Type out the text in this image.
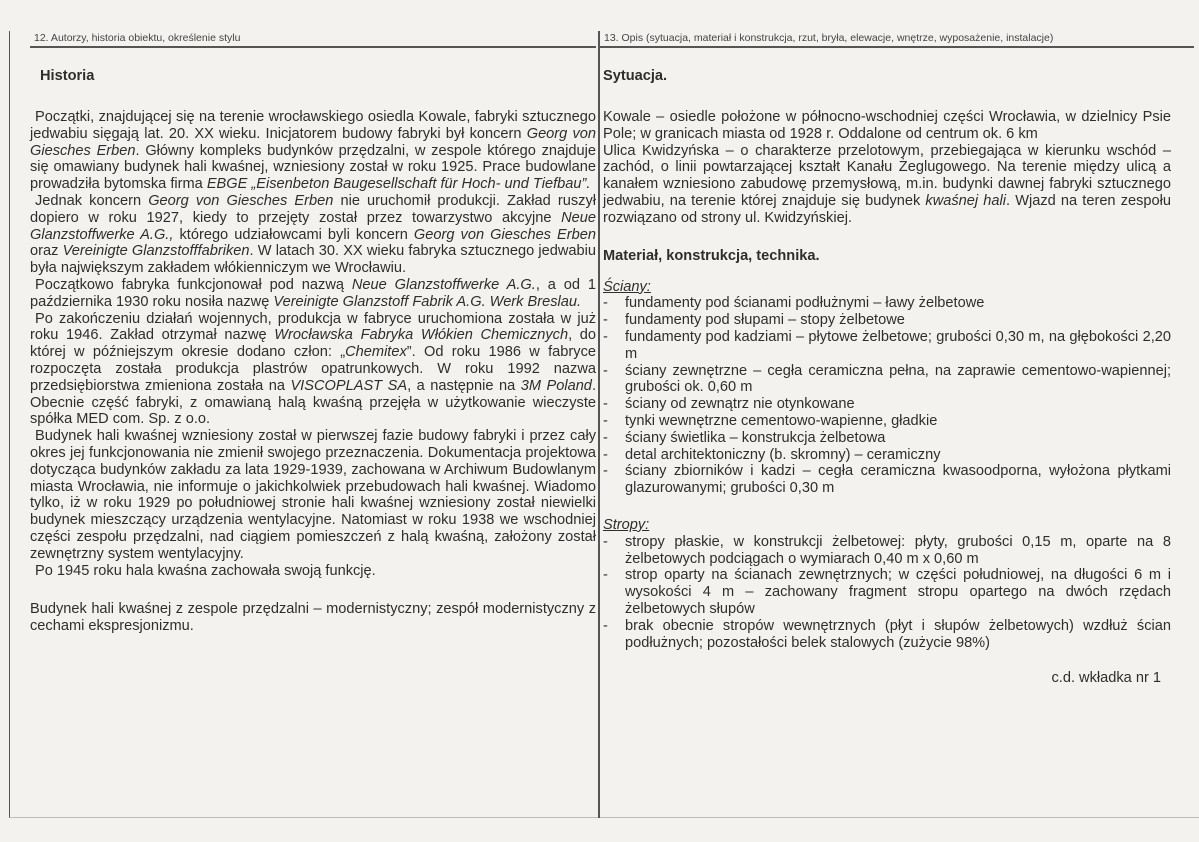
12. Autorzy, historia obiektu, określenie stylu	13. Opis (sytuacja, materiał i konstrukcja, rzut, bryła, elewacje, wnętrze, wyposażenie, instalacje)
Historia

Początki, znajdującej się na terenie wrocławskiego osiedla Kowale, fabryki sztucznego jedwabiu sięgają lat. 20. XX wieku. Inicjatorem budowy fabryki był koncern Georg von Giesches Erben. Główny kompleks budynków przędzalni, w zespole którego znajduje się omawiany budynek hali kwaśnej, wzniesiony został w roku 1925. Prace budowlane prowadziła bytomska firma EBGE „Eisenbeton Baugesellschaft für Hoch- und Tiefbau”.

Jednak koncern Georg von Giesches Erben nie uruchomił produkcji. Zakład ruszył dopiero w roku 1927, kiedy to przejęty został przez towarzystwo akcyjne Neue Glanzstoffwerke A.G., którego udziałowcami byli koncern Georg von Giesches Erben oraz Vereinigte Glanzstofffabriken. W latach 30. XX wieku fabryka sztucznego jedwabiu była największym zakładem włókienniczym we Wrocławiu.

Początkowo fabryka funkcjonował pod nazwą Neue Glanzstoffwerke A.G., a od 1 października 1930 roku nosiła nazwę Vereinigte Glanzstoff Fabrik A.G. Werk Breslau.

Po zakończeniu działań wojennych, produkcja w fabryce uruchomiona została w już roku 1946. Zakład otrzymał nazwę Wrocławska Fabryka Włókien Chemicznych, do której w późniejszym okresie dodano człon: „Chemitex”. Od roku 1986 w fabryce rozpoczęta została produkcja plastrów opatrunkowych. W roku 1992 nazwa przedsiębiorstwa zmieniona została na VISCOPLAST SA, a następnie na 3M Poland. Obecnie część fabryki, z omawianą halą kwaśną przejęła w użytkowanie wieczyste spółka MED com. Sp. z o.o.

Budynek hali kwaśnej wzniesiony został w pierwszej fazie budowy fabryki i przez cały okres jej funkcjonowania nie zmienił swojego przeznaczenia. Dokumentacja projektowa dotycząca budynków zakładu za lata 1929-1939, zachowana w Archiwum Budowlanym miasta Wrocławia, nie informuje o jakichkolwiek przebudowach hali kwaśnej. Wiadomo tylko, iż w roku 1929 po południowej stronie hali kwaśnej wzniesiony został niewielki budynek mieszczący urządzenia wentylacyjne. Natomiast w roku 1938 we wschodniej części zespołu przędzalni, nad ciągiem pomieszczeń z halą kwaśną, założony został zewnętrzny system wentylacyjny.

Po 1945 roku hala kwaśna zachowała swoją funkcję.

Budynek hali kwaśnej z zespole przędzalni – modernistyczny; zespół modernistyczny z cechami ekspresjonizmu.

Sytuacja.

Kowale – osiedle położone w północno-wschodniej części Wrocławia, w dzielnicy Psie Pole; w granicach miasta od 1928 r. Oddalone od centrum ok. 6 km

Ulica Kwidzyńska – o charakterze przelotowym, przebiegająca w kierunku wschód – zachód, o linii powtarzającej kształt Kanału Żeglugowego. Na terenie między ulicą a kanałem wzniesiono zabudowę przemysłową, m.in. budynki dawnej fabryki sztucznego jedwabiu, na terenie której znajduje się budynek kwaśnej hali. Wjazd na teren zespołu rozwiązano od strony ul. Kwidzyńskiej.

Materiał, konstrukcja, technika.
Ściany:
- fundamenty pod ścianami podłużnymi – ławy żelbetowe
- fundamenty pod słupami – stopy żelbetowe
- fundamenty pod kadziami – płytowe żelbetowe; grubości 0,30 m, na głębokości 2,20 m
- ściany zewnętrzne – cegła ceramiczna pełna, na zaprawie cementowo-wapiennej; grubości ok. 0,60 m
- ściany od zewnątrz nie otynkowane
- tynki wewnętrzne cementowo-wapienne, gładkie
- ściany świetlika – konstrukcja żelbetowa
- detal architektoniczny (b. skromny) – ceramiczny
- ściany zbiorników i kadzi – cegła ceramiczna kwasoodporna, wyłożona płytkami glazurowanymi; grubości 0,30 m
Stropy:
- stropy płaskie, w konstrukcji żelbetowej: płyty, grubości 0,15 m, oparte na 8 żelbetowych podciągach o wymiarach 0,40 m x 0,60 m
- strop oparty na ścianach zewnętrznych; w części południowej, na długości 6 m i wysokości 4 m – zachowany fragment stropu opartego na dwóch rzędach żelbetowych słupów
- brak obecnie stropów wewnętrznych (płyt i słupów żelbetowych) wzdłuż ścian podłużnych; pozostałości belek stalowych (zużycie 98%)
c.d. wkładka nr 1
